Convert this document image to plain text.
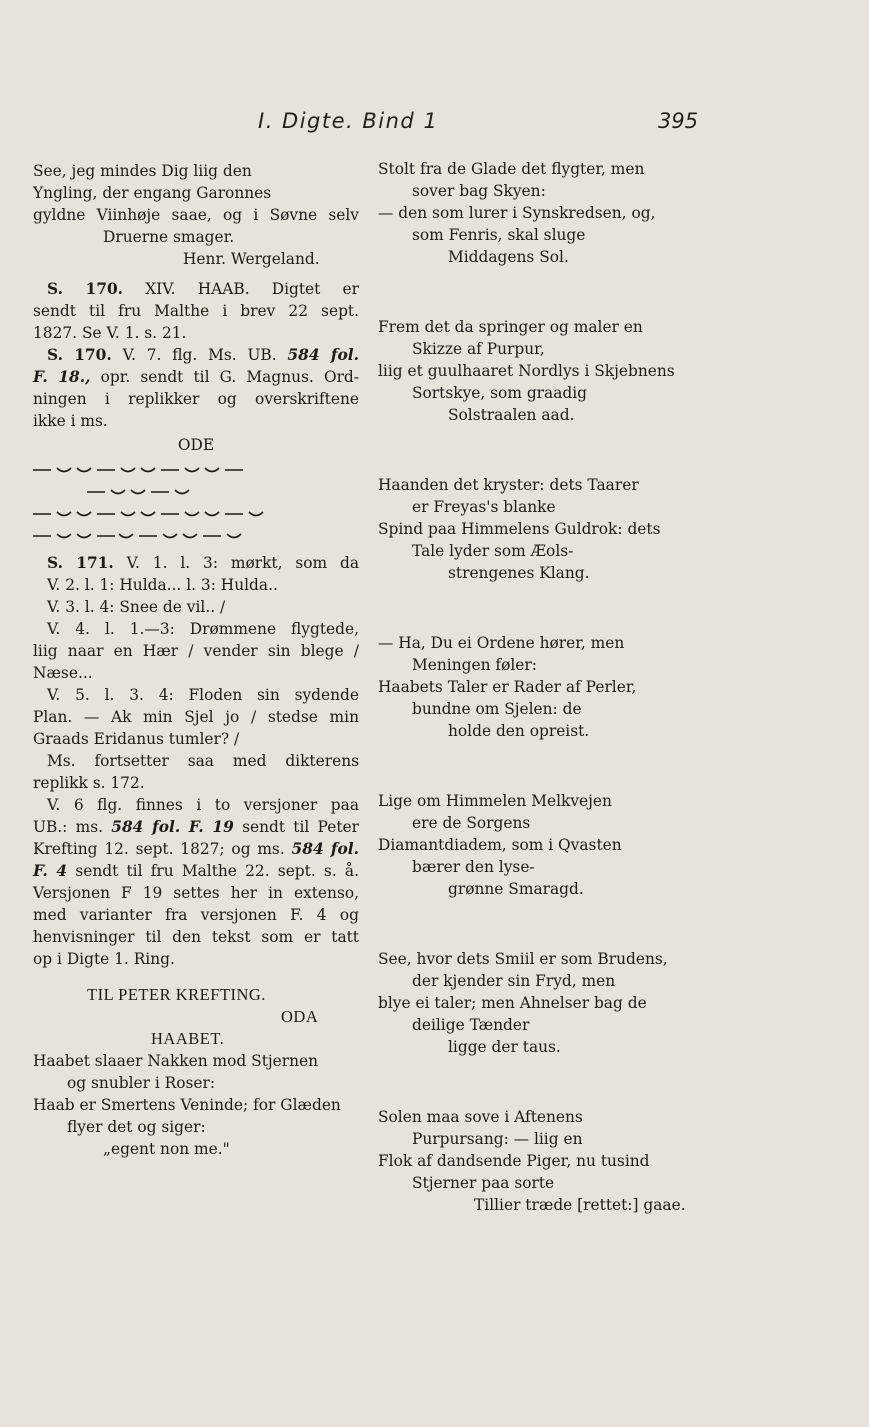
I. Digte. Bind 1	395
See, jeg mindes Dig liig den
Yngling, der engang Garonnes
gyldne Viinhøje saae, og i Søvne selv
Druerne smager.
Henr. Wergeland.
S. 170. XIV. HAAB. Digtet er
sendt til fru Malthe i brev 22 sept.
1827. Se V. 1. s. 21.
S. 170. V. 7. flg. Ms. UB. 584 fol.
F. 18., opr. sendt til G. Magnus. Ord-
ningen i replikker og overskriftene
ikke i ms.
ODE
S. 171. V. 1. l. 3: mørkt, som da
V. 2. l. 1: Hulda... l. 3: Hulda..
V. 3. l. 4: Snee de vil.. /
V. 4. l. 1.—3: Drømmene flygtede,
liig naar en Hær / vender sin blege /
Næse...
V. 5. l. 3. 4: Floden sin sydende
Plan. — Ak min Sjel jo / stedse min
Graads Eridanus tumler? /
Ms. fortsetter saa med dikterens
replikk s. 172.
V. 6 flg. finnes i to versjoner paa
UB.: ms. 584 fol. F. 19 sendt til Peter
Krefting 12. sept. 1827; og ms. 584 fol.
F. 4 sendt til fru Malthe 22. sept. s. å.
Versjonen F 19 settes her in extenso,
med varianter fra versjonen F. 4 og
henvisninger til den tekst som er tatt
op i Digte 1. Ring.
TIL PETER KREFTING.
ODA
HAABET.
Haabet slaaer Nakken mod Stjernen
og snubler i Roser:
Haab er Smertens Veninde; for Glæden
flyer det og siger:
„egent non me."
Stolt fra de Glade det flygter, men
sover bag Skyen:
— den som lurer i Synskredsen, og,
som Fenris, skal sluge
Middagens Sol.
Frem det da springer og maler en
Skizze af Purpur,
liig et guulhaaret Nordlys i Skjebnens
Sortskye, som graadig
Solstraalen aad.
Haanden det kryster: dets Taarer
er Freyas's blanke
Spind paa Himmelens Guldrok: dets
Tale lyder som Æols-
strengenes Klang.
— Ha, Du ei Ordene hører, men
Meningen føler:
Haabets Taler er Rader af Perler,
bundne om Sjelen: de
holde den opreist.
Lige om Himmelen Melkvejen
ere de Sorgens
Diamantdiadem, som i Qvasten
bærer den lyse-
grønne Smaragd.
See, hvor dets Smiil er som Brudens,
der kjender sin Fryd, men
blye ei taler; men Ahnelser bag de
deilige Tænder
ligge der taus.
Solen maa sove i Aftenens
Purpursang: — liig en
Flok af dandsende Piger, nu tusind
Stjerner paa sorte
Tillier træde [rettet:] gaae.
